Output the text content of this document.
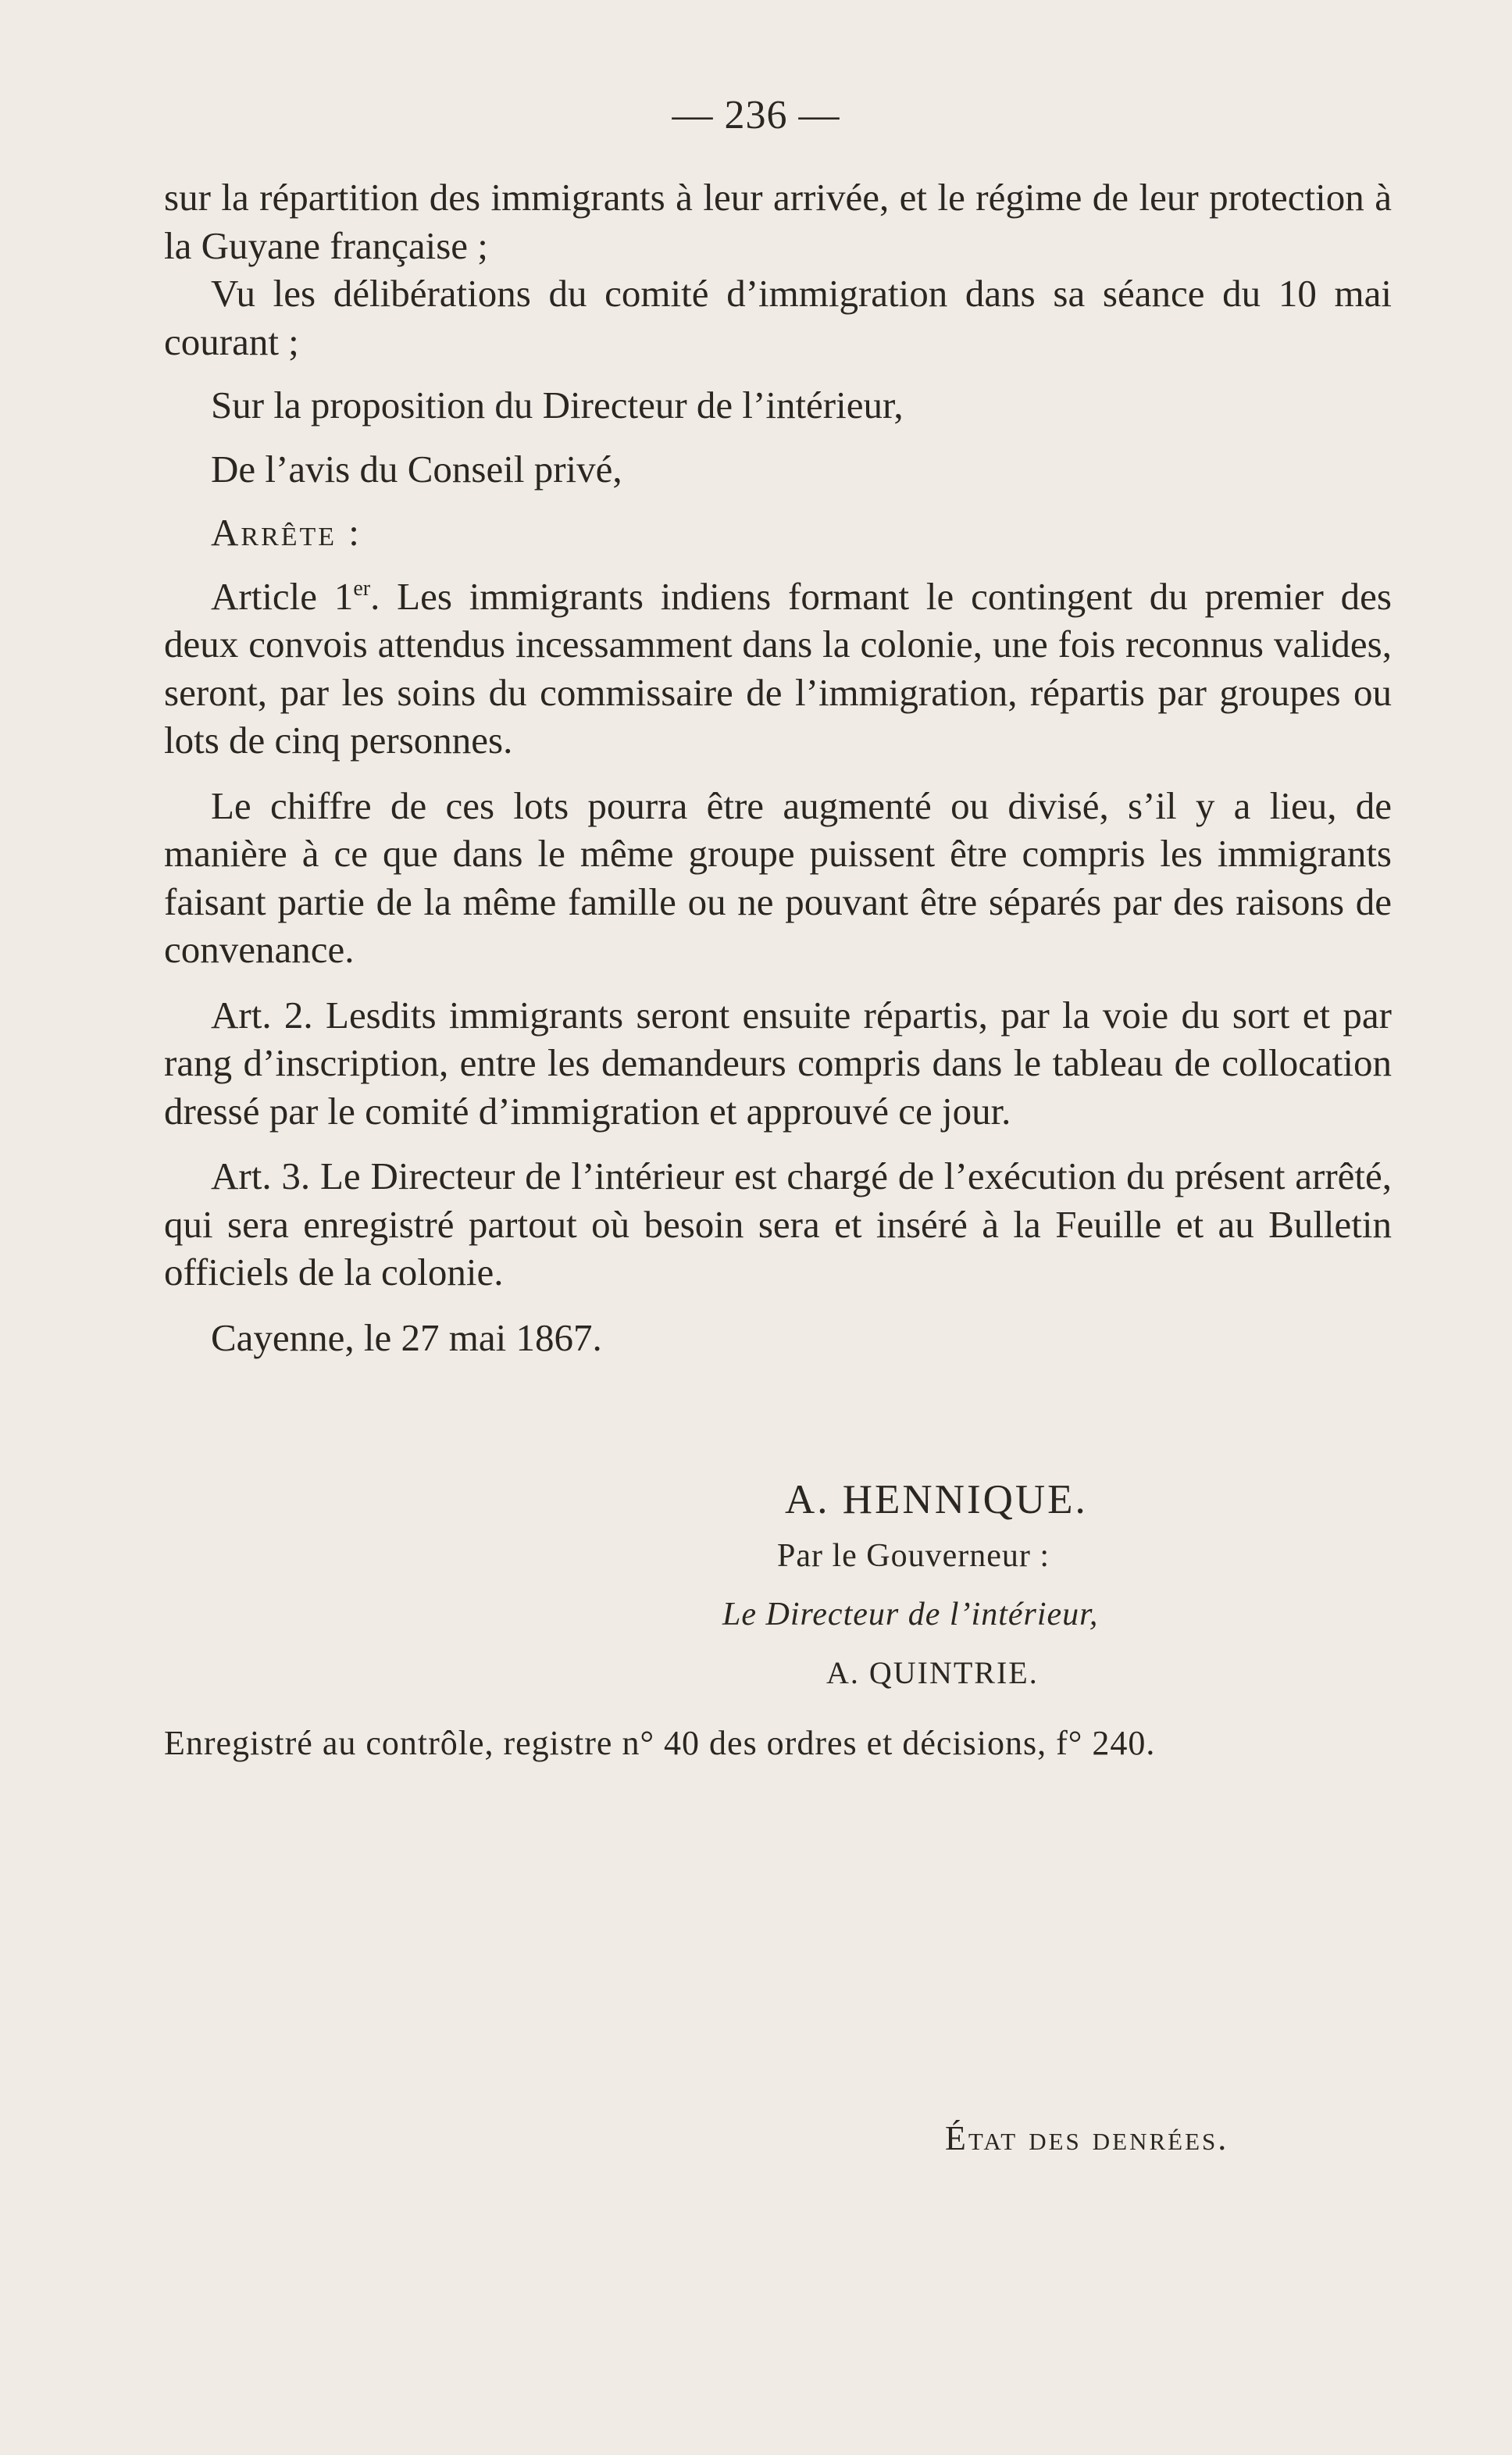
— 236 —

sur la répartition des immigrants à leur arrivée, et le régime de leur protection à la Guyane française ;

Vu les délibérations du comité d’immigration dans sa séance du 10 mai courant ;

Sur la proposition du Directeur de l’intérieur,

De l’avis du Conseil privé,

Arrête :

Article 1er. Les immigrants indiens formant le contingent du premier des deux convois attendus incessamment dans la colonie, une fois reconnus valides, seront, par les soins du commissaire de l’immigration, répartis par groupes ou lots de cinq personnes.

Le chiffre de ces lots pourra être augmenté ou divisé, s’il y a lieu, de manière à ce que dans le même groupe puissent être compris les immigrants faisant partie de la même famille ou ne pouvant être séparés par des raisons de convenance.

Art. 2. Lesdits immigrants seront ensuite répartis, par la voie du sort et par rang d’inscription, entre les demandeurs compris dans le tableau de collocation dressé par le comité d’immigration et approuvé ce jour.

Art. 3. Le Directeur de l’intérieur est chargé de l’exécution du présent arrêté, qui sera enregistré partout où besoin sera et inséré à la Feuille et au Bulletin officiels de la colonie.

Cayenne, le 27 mai 1867.

A. HENNIQUE.
Par le Gouverneur :
Le Directeur de l’intérieur,
A. QUINTRIE.
Enregistré au contrôle, registre n° 40 des ordres et décisions, f° 240.
État des denrées.
